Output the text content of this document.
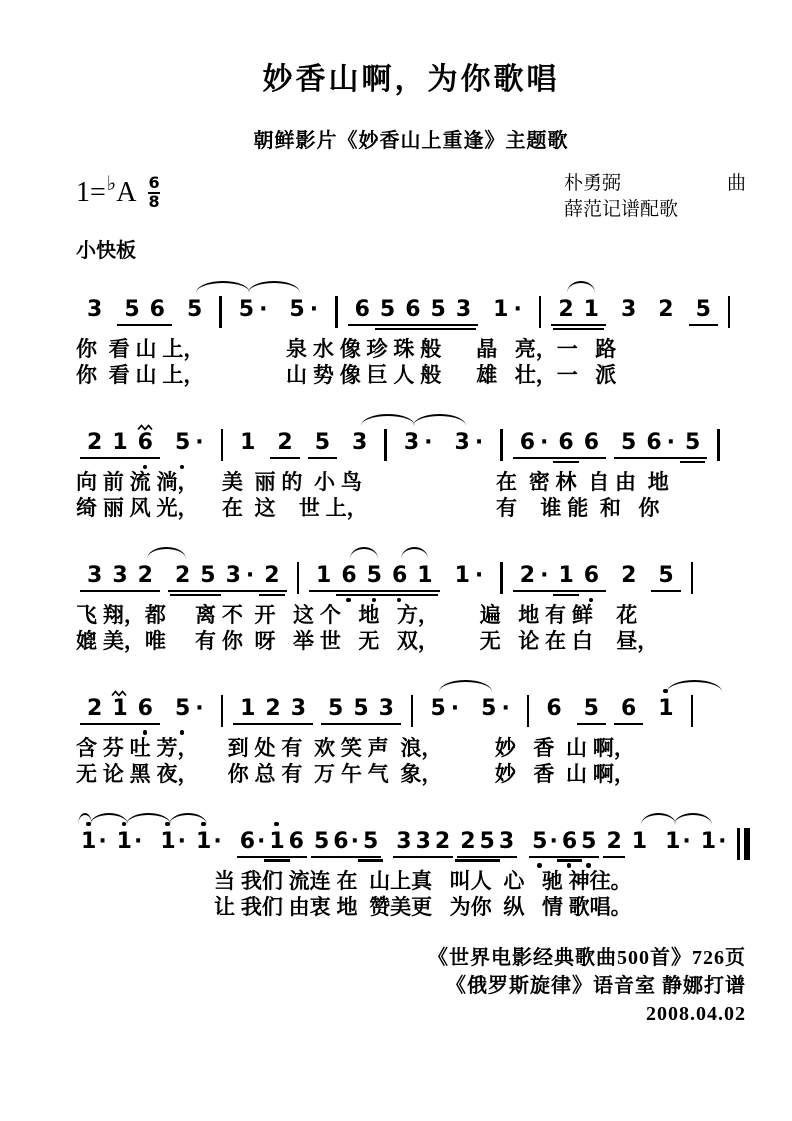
妙香山啊，为你歌唱
朝鲜影片《妙香山上重逢》主题歌
1= ♭ A $\frac{6}{8}$	朴勇弼	曲
薛范记谱配歌
小快板
3 5 6 5 5 · 5 · 6 5 6 5 3 1 · 2 1 3 2 5
你  看 山 上，              泉 水 像 珍 珠 般      晶   亮，一   路
你  看 山 上，              山 势 像 巨 人 般      雄   壮，一   派
2 1 6 5 · 1 2 5 3 3 · 3 · 6 · 6 6 5 6 · 5
向 前 流 淌，    美  丽 的  小 鸟                       在  密 林  自 由  地
绮 丽 风 光，    在  这    世 上，                      有    谁 能  和   你
3 3 2 2 5 3 · 2 1 6 5 6 1 1 · 2 · 1 6 2 5
飞 翔，都     离 不  开   这 个   地   方，       遍   地 有 鲜    花
媲 美，唯     有 你  呀   举 世   无   双，       无   论 在 白    昼，
2 1 6 5 · 1 2 3 5 5 3 5 · 5 · 6 5 6 1
含 芬 吐 芳，     到 处 有  欢 笑 声  浪，         妙   香  山 啊，
无 论 黑 夜，     你 总 有  万 午 气  象，         妙   香  山 啊，
1 · 1 · 1 · 1 · 6 · 1 6 5 6 · 5 3 3 2 2 5 3 5 · 6 5 2 1 1 · 1 ·
当 我们 流连 在  山上真   叫人  心   驰 神往。
让 我们 由衷 地  赞美更   为你  纵   情 歌唱。
《世界电影经典歌曲500首》726页
《俄罗斯旋律》语音室 静娜打谱
2008.04.02
